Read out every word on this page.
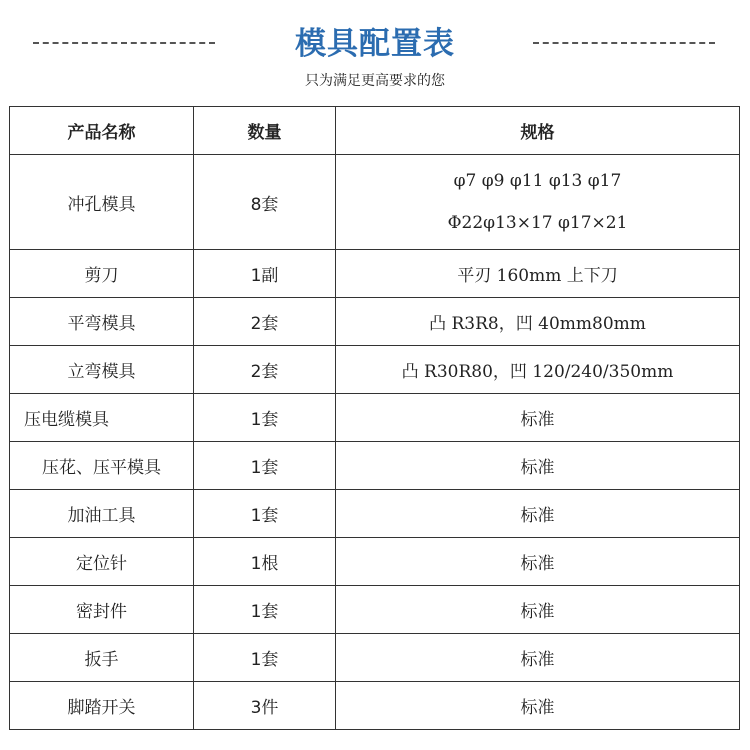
模具配置表
只为满足更高要求的您
产品名称	数量	规格
冲孔模具	8套	φ7 φ9 φ11 φ13 φ17
Φ22φ13×17 φ17×21

剪刀	1副	平刃 160mm 上下刀
平弯模具	2套	凸 R3R8，凹 40mm80mm
立弯模具	2套	凸 R30R80，凹 120/240/350mm
压电缆模具	1套	标准
压花、压平模具	1套	标准
加油工具	1套	标准
定位针	1根	标准
密封件	1套	标准
扳手	1套	标准
脚踏开关	3件	标准
